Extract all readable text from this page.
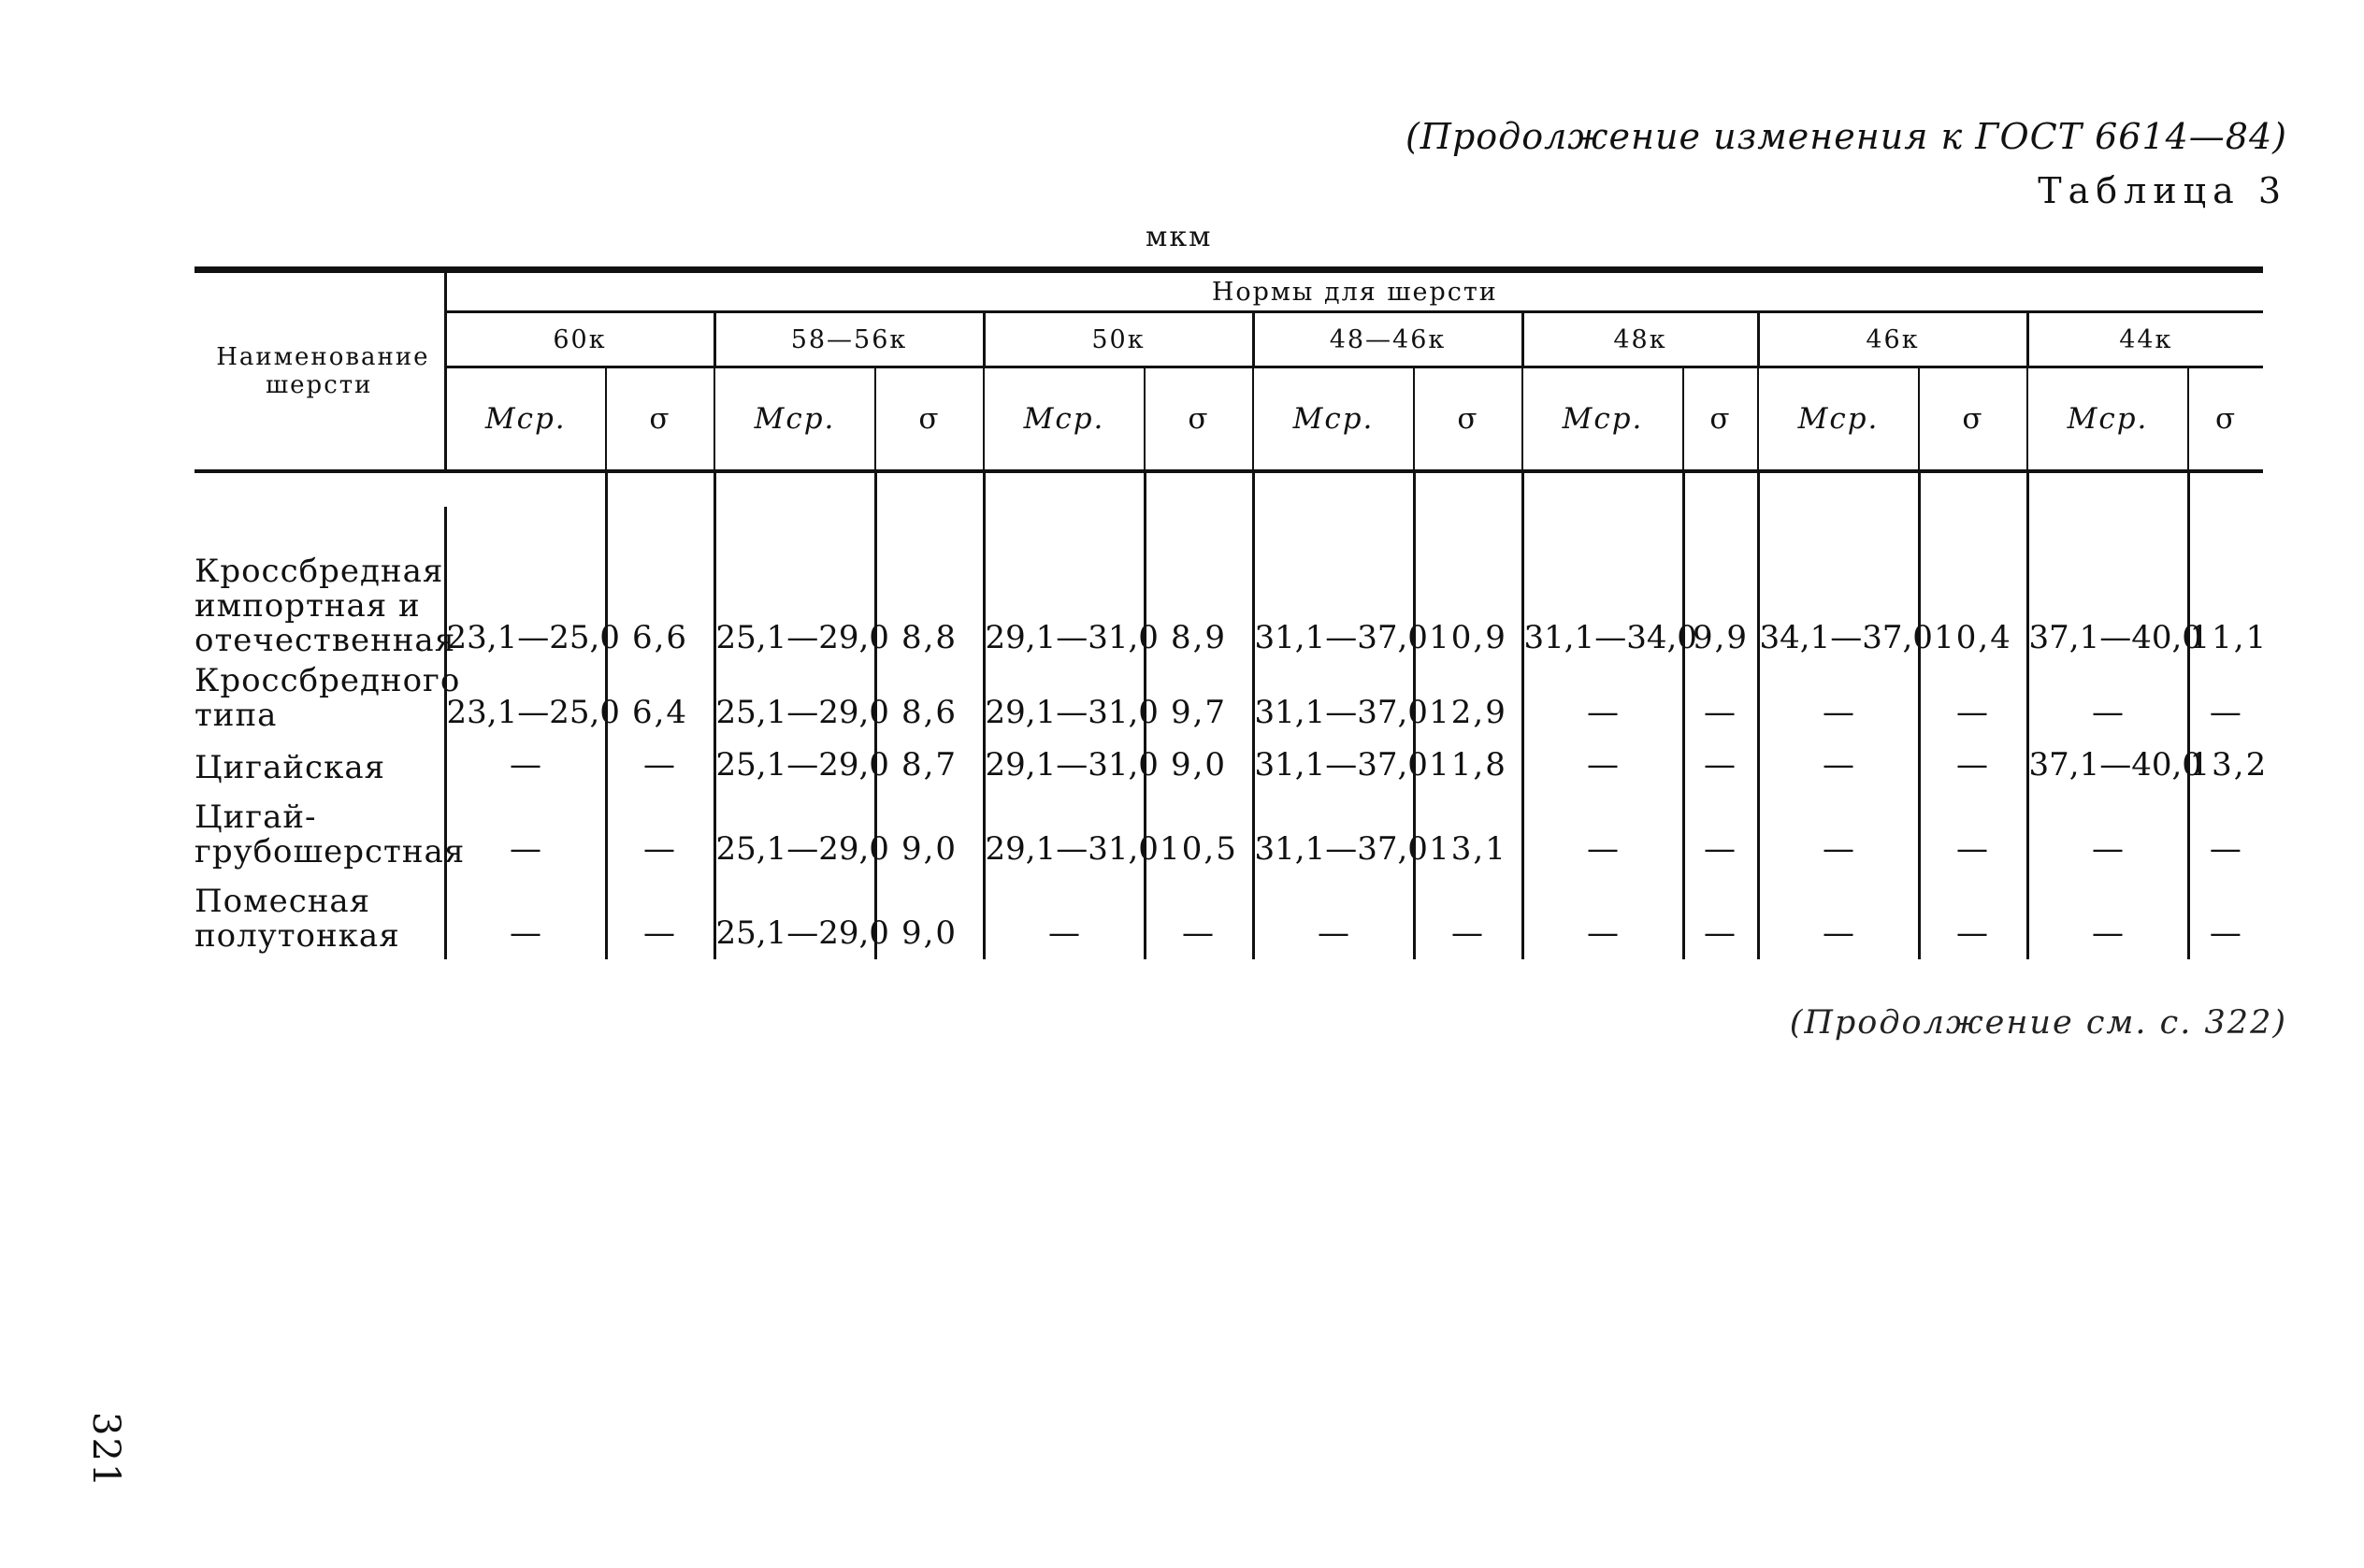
(Продолжение изменения к ГОСТ 6614—84)
Таблица 3
мкм
Наименование шерсти	Нормы для шерсти													
	60к		58—56к		50к		48—46к		48к		46к		44к	
	Mср.	σ	Mср.	σ	Mср.	σ	Mср.	σ	Mср.	σ	Mср.	σ	Mср.	σ

Кроссбредная импортная и отечественная	23,1—25,0	6,6	25,1—29,0	8,8	29,1—31,0	8,9	31,1—37,0	10,9	31,1—34,0	9,9	34,1—37,0	10,4	37,1—40,0	11,1
Кроссбредного типа	23,1—25,0	6,4	25,1—29,0	8,6	29,1—31,0	9,7	31,1—37,0	12,9	—	—	—	—	—	—
Цигайская	—	—	25,1—29,0	8,7	29,1—31,0	9,0	31,1—37,0	11,8	—	—	—	—	37,1—40,0	13,2
Цигай-грубошерстная	—	—	25,1—29,0	9,0	29,1—31,0	10,5	31,1—37,0	13,1	—	—	—	—	—	—
Помесная полутонкая	—	—	25,1—29,0	9,0	—	—	—	—	—	—	—	—	—	—
(Продолжение см. с. 322)
321
